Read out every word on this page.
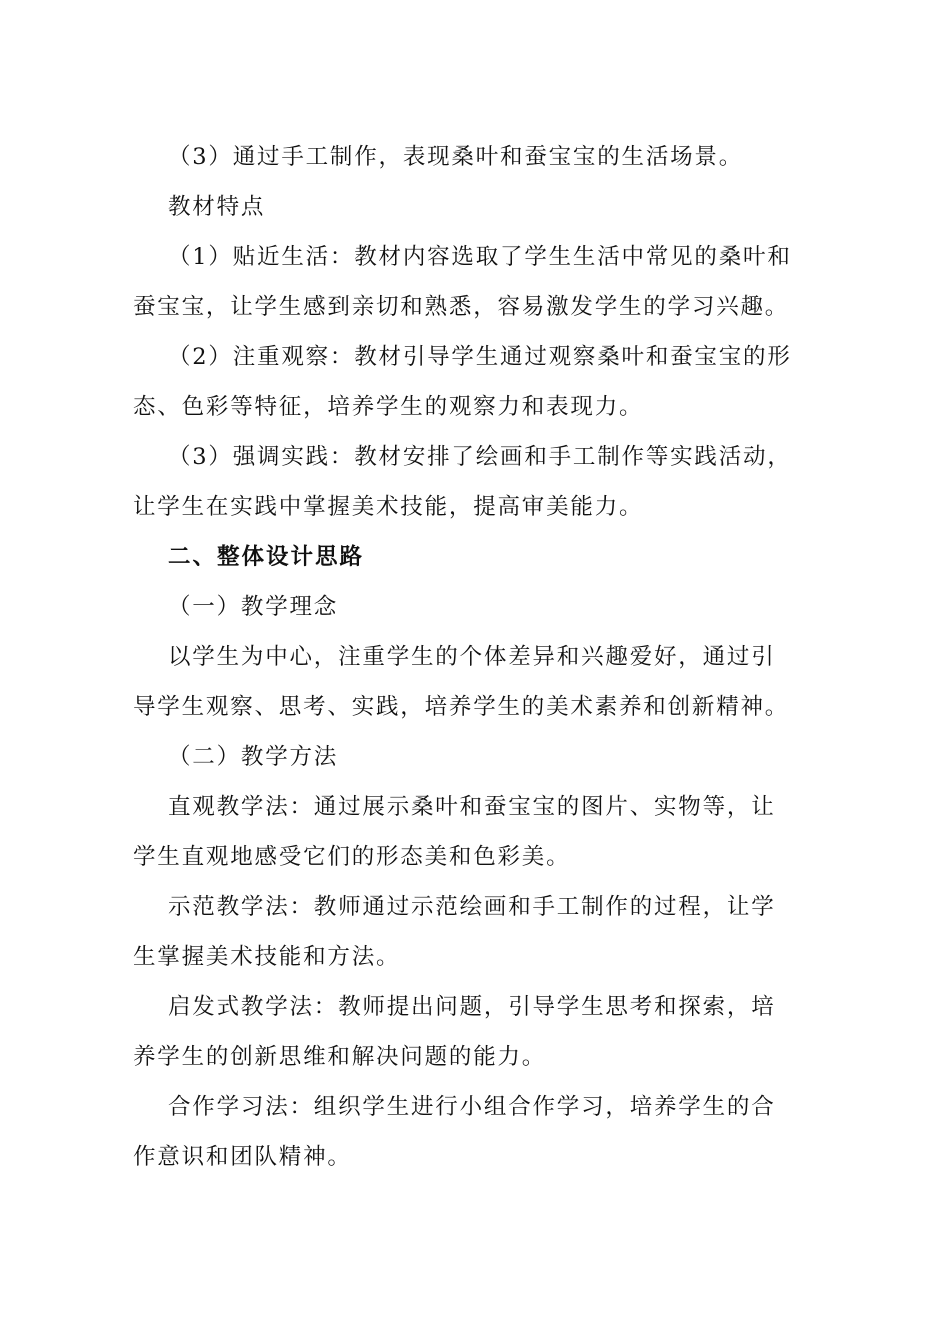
（3）通过手工制作，表现桑叶和蚕宝宝的生活场景。
教材特点
（1）贴近生活：教材内容选取了学生生活中常见的桑叶和
蚕宝宝，让学生感到亲切和熟悉，容易激发学生的学习兴趣。
（2）注重观察：教材引导学生通过观察桑叶和蚕宝宝的形
态、色彩等特征，培养学生的观察力和表现力。
（3）强调实践：教材安排了绘画和手工制作等实践活动，
让学生在实践中掌握美术技能，提高审美能力。
二、整体设计思路
（一）教学理念
以学生为中心，注重学生的个体差异和兴趣爱好，通过引
导学生观察、思考、实践，培养学生的美术素养和创新精神。
（二）教学方法
直观教学法：通过展示桑叶和蚕宝宝的图片、实物等，让
学生直观地感受它们的形态美和色彩美。
示范教学法：教师通过示范绘画和手工制作的过程，让学
生掌握美术技能和方法。
启发式教学法：教师提出问题，引导学生思考和探索，培
养学生的创新思维和解决问题的能力。
合作学习法：组织学生进行小组合作学习，培养学生的合
作意识和团队精神。
